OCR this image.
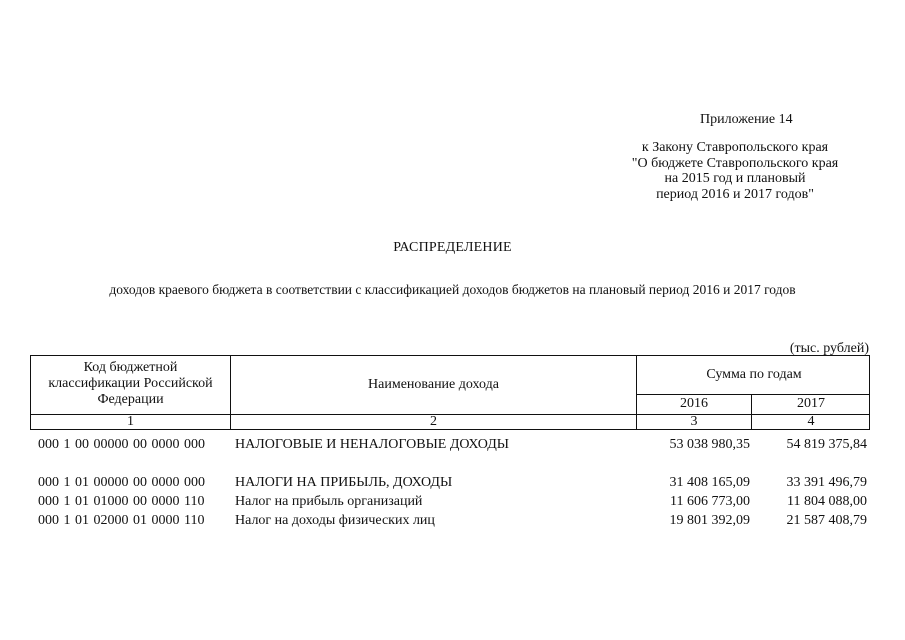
Приложение 14
к Закону Ставропольского края
"О бюджете Ставропольского края
на 2015 год и плановый
период 2016 и 2017 годов"
РАСПРЕДЕЛЕНИЕ
доходов краевого бюджета в соответствии с классификацией доходов бюджетов на плановый период 2016 и 2017 годов
(тыс. рублей)
Код бюджетной
классификации Российской
Федерации
Наименование дохода
Сумма по годам
2016	2017
1	2	3	4
000 1 00 00000 00 0000 000 НАЛОГОВЫЕ И НЕНАЛОГОВЫЕ ДОХОДЫ	53 038 980,35	54 819 375,84
000 1 01 00000 00 0000 000 НАЛОГИ НА ПРИБЫЛЬ, ДОХОДЫ	31 408 165,09	33 391 496,79
000 1 01 01000 00 0000 110 Налог на прибыль организаций	11 606 773,00	11 804 088,00
000 1 01 02000 01 0000 110 Налог на доходы физических лиц	19 801 392,09	21 587 408,79
